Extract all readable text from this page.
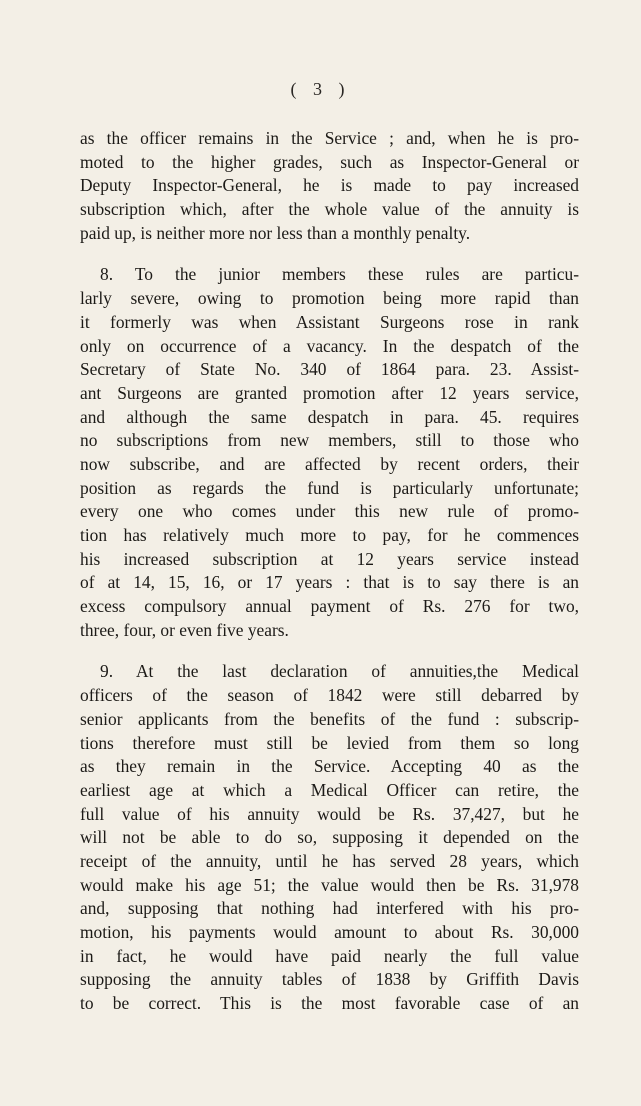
( 3 )
as the officer remains in the Service ; and, when he is pro-
moted to the higher grades, such as Inspector-General or
Deputy Inspector-General, he is made to pay increased
subscription which, after the whole value of the annuity is
paid up, is neither more nor less than a monthly penalty.
8. To the junior members these rules are particu-
larly severe, owing to promotion being more rapid than
it formerly was when Assistant Surgeons rose in rank
only on occurrence of a vacancy. In the despatch of the
Secretary of State No. 340 of 1864 para. 23. Assist-
ant Surgeons are granted promotion after 12 years service,
and although the same despatch in para. 45. requires
no subscriptions from new members, still to those who
now subscribe, and are affected by recent orders, their
position as regards the fund is particularly unfortunate;
every one who comes under this new rule of promo-
tion has relatively much more to pay, for he commences
his increased subscription at 12 years service instead
of at 14, 15, 16, or 17 years : that is to say there is an
excess compulsory annual payment of Rs. 276 for two,
three, four, or even five years.
9. At the last declaration of annuities,the Medical
officers of the season of 1842 were still debarred by
senior applicants from the benefits of the fund : subscrip-
tions therefore must still be levied from them so long
as they remain in the Service. Accepting 40 as the
earliest age at which a Medical Officer can retire, the
full value of his annuity would be Rs. 37,427, but he
will not be able to do so, supposing it depended on the
receipt of the annuity, until he has served 28 years, which
would make his age 51; the value would then be Rs. 31,978
and, supposing that nothing had interfered with his pro-
motion, his payments would amount to about Rs. 30,000
in fact, he would have paid nearly the full value
supposing the annuity tables of 1838 by Griffith Davis
to be correct. This is the most favorable case of an
